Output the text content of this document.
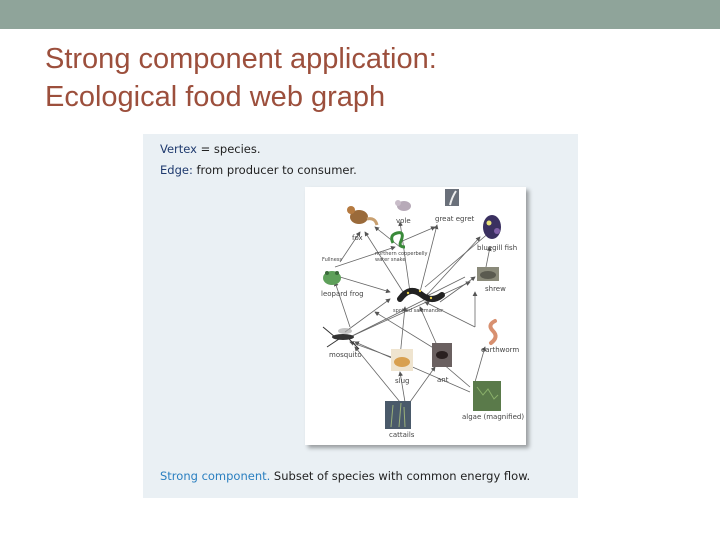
Strong component application:
Ecological food web graph
Vertex = species.
Edge: from producer to consumer.
Strong component. Subset of species with common energy flow.
fox
vole	great egret
bluegill fish
northern copperbelly water snake
Fullness
leopard frog
shrew
spotted salamander
earthworm
mosquito
slug	ant
algae (magnified)
cattails
